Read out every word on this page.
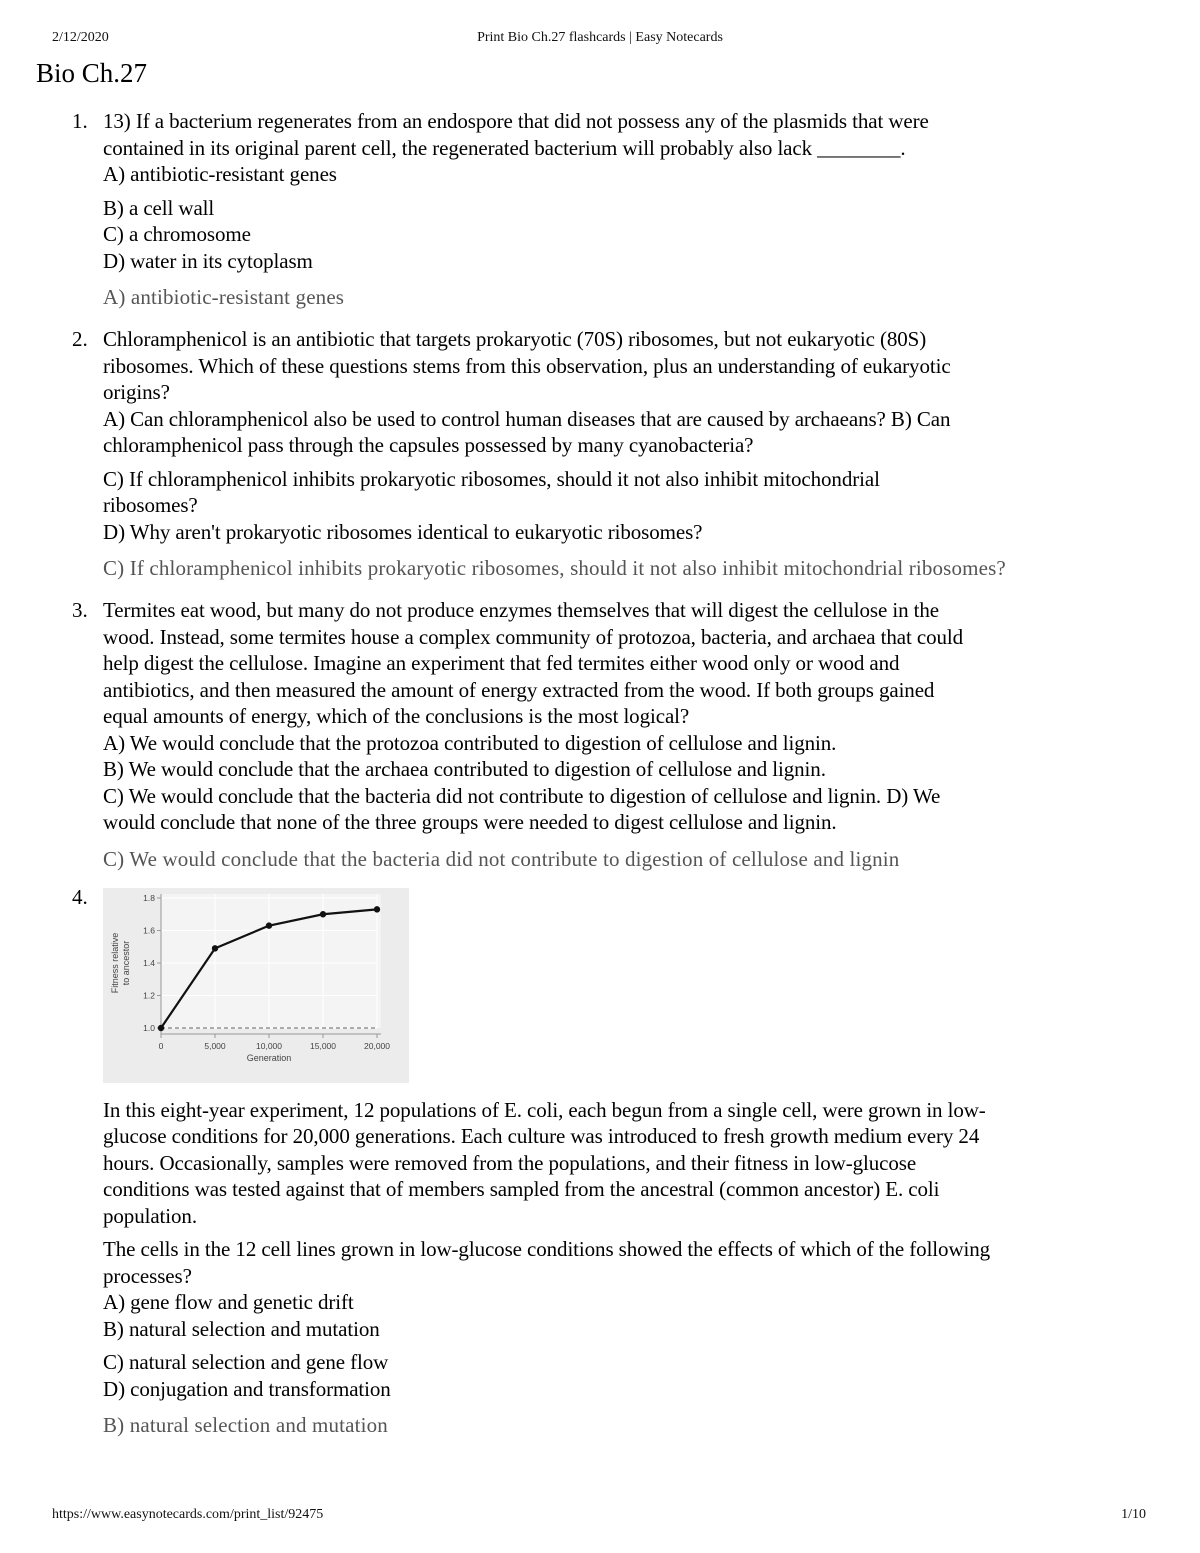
2/12/2020	Print Bio Ch.27 flashcards | Easy Notecards
Bio Ch.27
1. 13) If a bacterium regenerates from an endospore that did not possess any of the plasmids that were
contained in its original parent cell, the regenerated bacterium will probably also lack ________.
A) antibiotic-resistant genes
B) a cell wall
C) a chromosome
D) water in its cytoplasm
A) antibiotic-resistant genes
2. Chloramphenicol is an antibiotic that targets prokaryotic (70S) ribosomes, but not eukaryotic (80S)
ribosomes. Which of these questions stems from this observation, plus an understanding of eukaryotic
origins?
A) Can chloramphenicol also be used to control human diseases that are caused by archaeans? B) Can
chloramphenicol pass through the capsules possessed by many cyanobacteria?
C) If chloramphenicol inhibits prokaryotic ribosomes, should it not also inhibit mitochondrial
ribosomes?
D) Why aren't prokaryotic ribosomes identical to eukaryotic ribosomes?
C) If chloramphenicol inhibits prokaryotic ribosomes, should it not also inhibit mitochondrial ribosomes?
3. Termites eat wood, but many do not produce enzymes themselves that will digest the cellulose in the
wood. Instead, some termites house a complex community of protozoa, bacteria, and archaea that could
help digest the cellulose. Imagine an experiment that fed termites either wood only or wood and
antibiotics, and then measured the amount of energy extracted from the wood. If both groups gained
equal amounts of energy, which of the conclusions is the most logical?
A) We would conclude that the protozoa contributed to digestion of cellulose and lignin.
B) We would conclude that the archaea contributed to digestion of cellulose and lignin.
C) We would conclude that the bacteria did not contribute to digestion of cellulose and lignin. D) We
would conclude that none of the three groups were needed to digest cellulose and lignin.
C) We would conclude that the bacteria did not contribute to digestion of cellulose and lignin
4.
1.0
1.2
1.4
1.6
1.8
0	5,000	10,000	15,000	20,000
Generation
Fitness relative to ancestor
In this eight-year experiment, 12 populations of E. coli, each begun from a single cell, were grown in low-
glucose conditions for 20,000 generations. Each culture was introduced to fresh growth medium every 24
hours. Occasionally, samples were removed from the populations, and their fitness in low-glucose
conditions was tested against that of members sampled from the ancestral (common ancestor) E. coli
population.
The cells in the 12 cell lines grown in low-glucose conditions showed the effects of which of the following
processes?
A) gene flow and genetic drift
B) natural selection and mutation
C) natural selection and gene flow
D) conjugation and transformation
B) natural selection and mutation
https://www.easynotecards.com/print_list/92475	1/10
